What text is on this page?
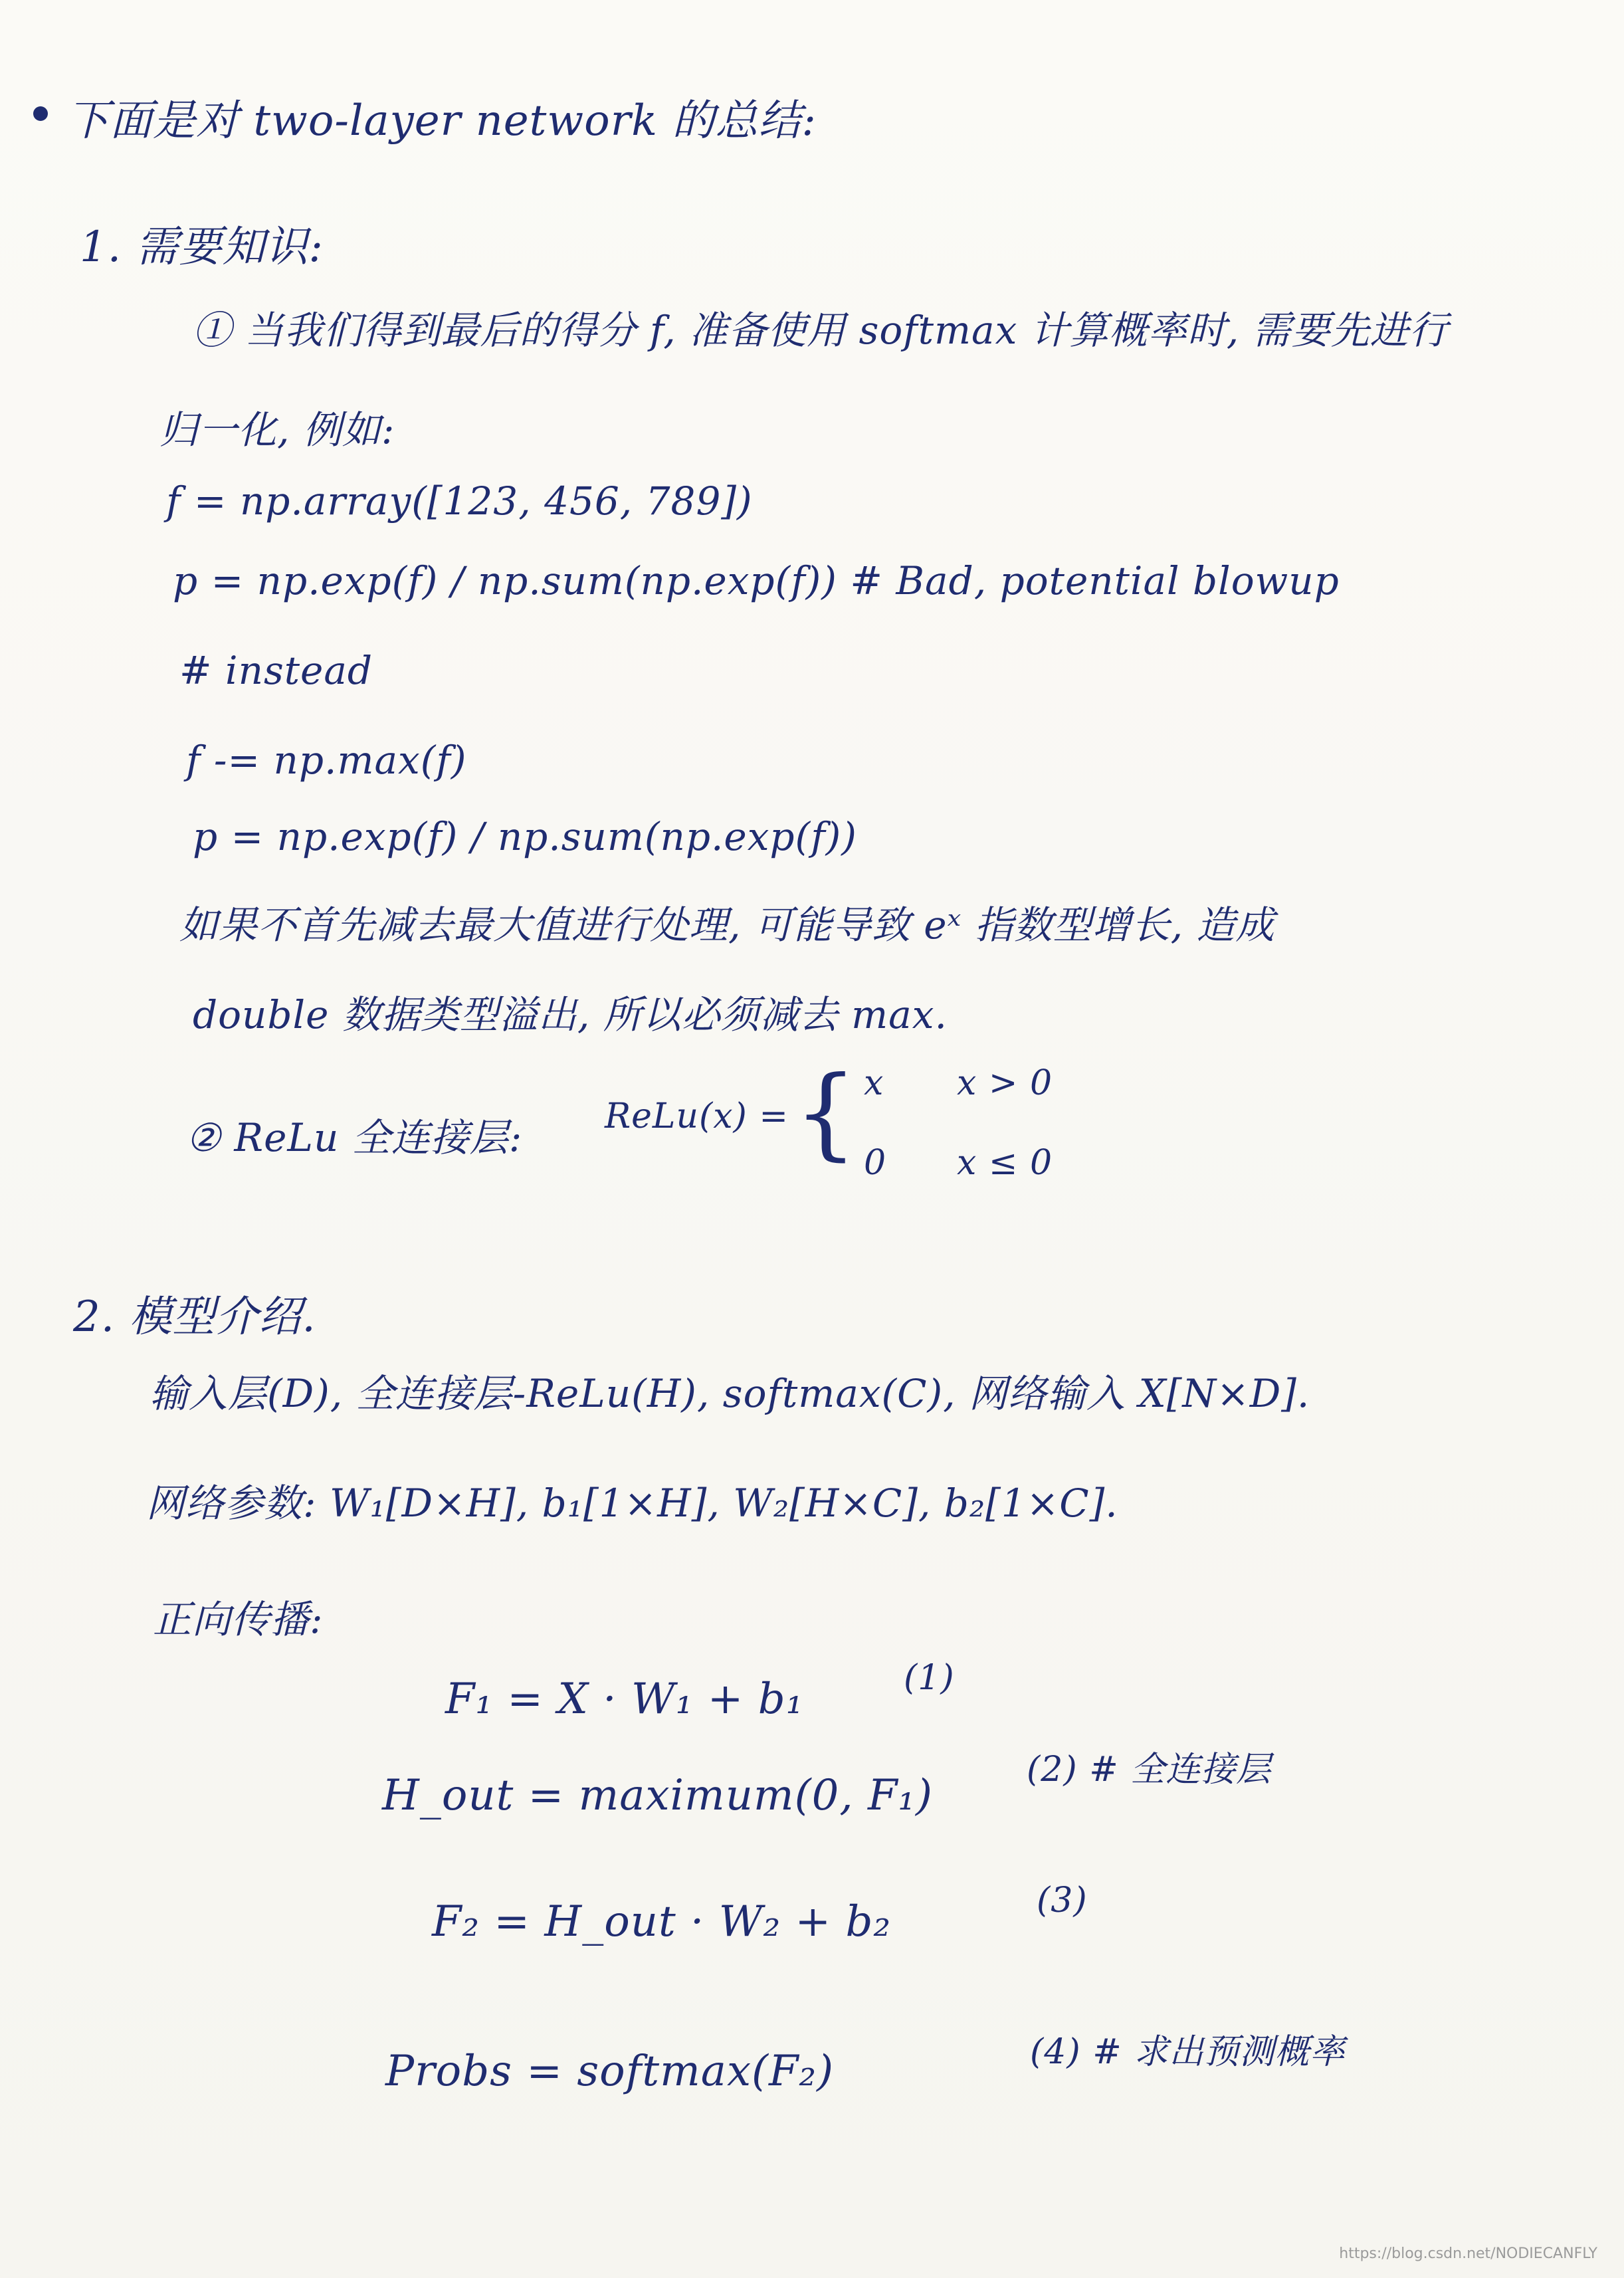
下面是对 two-layer network 的总结:
1. 需要知识:
① 当我们得到最后的得分 f, 准备使用 softmax 计算概率时, 需要先进行
归一化, 例如:
f = np.array([123, 456, 789])
p = np.exp(f) / np.sum(np.exp(f)) # Bad, potential blowup
# instead
f -= np.max(f)
p = np.exp(f) / np.sum(np.exp(f))
如果不首先减去最大值进行处理, 可能导致 eˣ 指数型增长, 造成
double 数据类型溢出, 所以必须减去 max.
② ReLu 全连接层: ReLu(x) = { x x > 0
0 x ≤ 0
2. 模型介绍.
输入层(D), 全连接层-ReLu(H), softmax(C), 网络输入 X[N×D].
网络参数: W₁[D×H], b₁[1×H], W₂[H×C], b₂[1×C].
正向传播:
F₁ = X · W₁ + b₁	(1)
H_out = maximum(0, F₁)
(2) # 全连接层
F₂ = H_out · W₂ + b₂	(3)
Probs = softmax(F₂)	(4) # 求出预测概率
https://blog.csdn.net/NODIECANFLY
